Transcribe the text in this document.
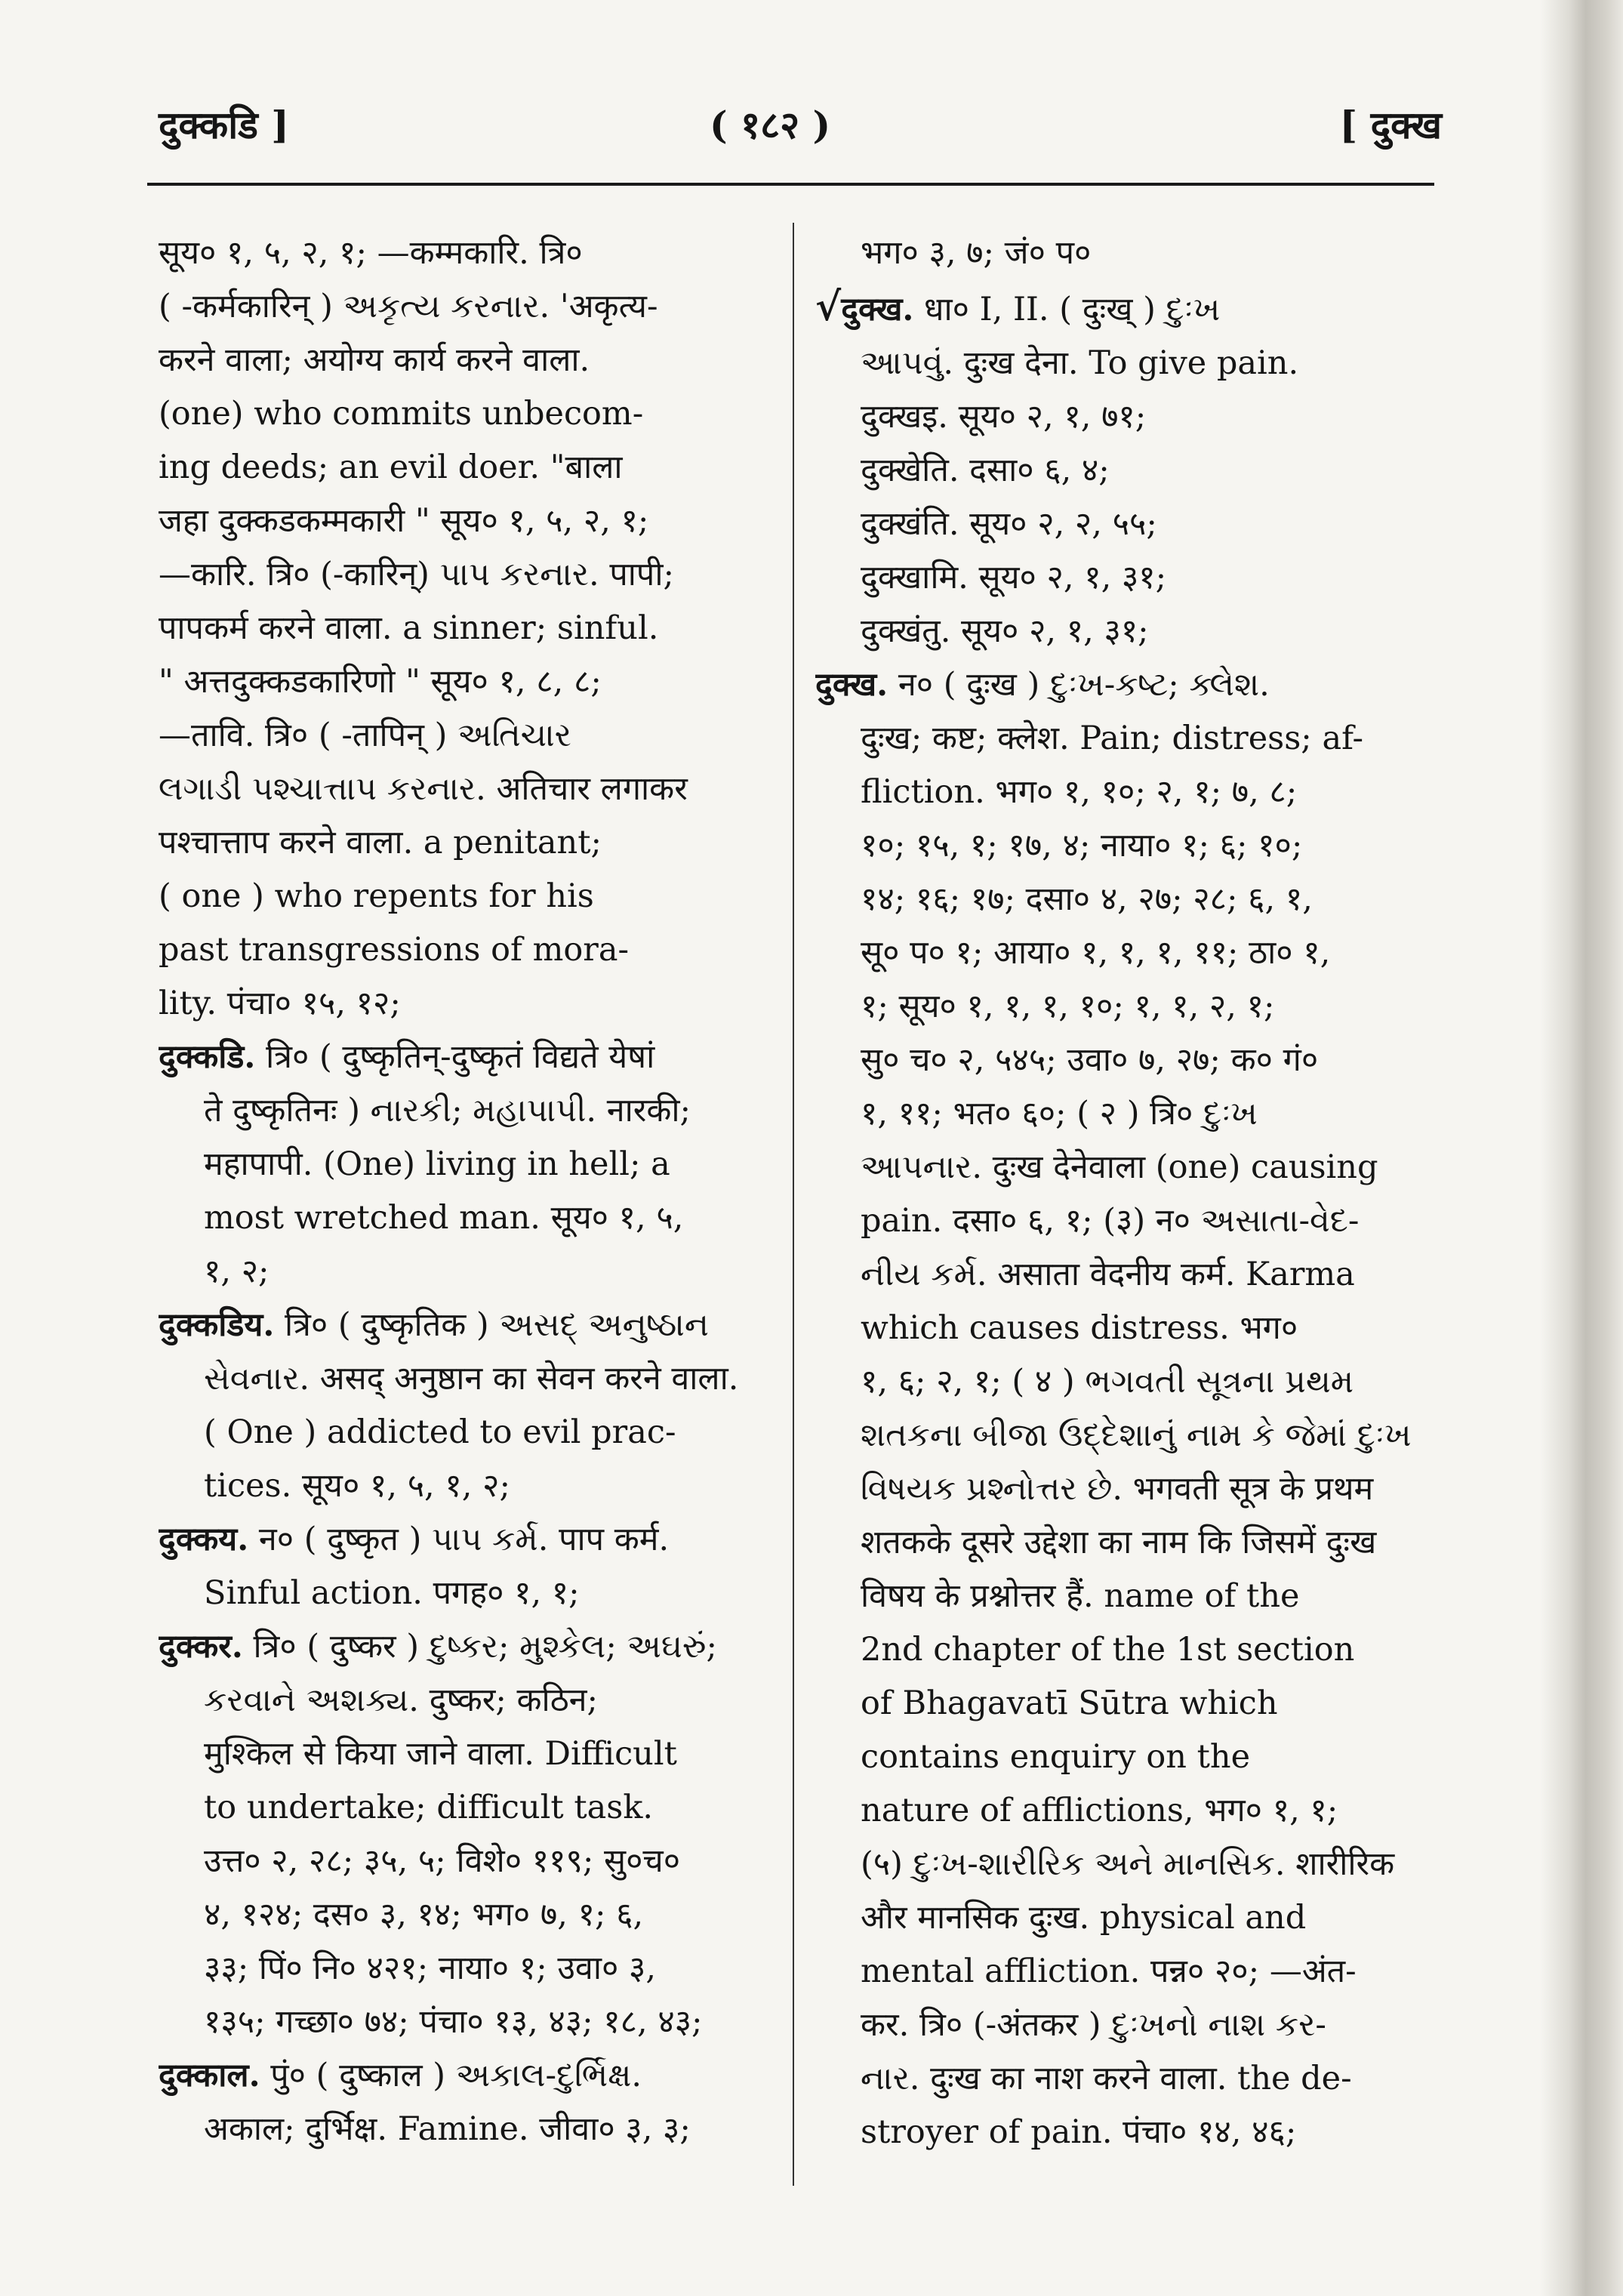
दुक्कडि ]	( १८२ )	[ दुक्ख
सूय० १, ५, २, १; —कम्मकारि. त्रि०
( -कर्मकारिन् ) અકૃત્ય કરનાર. 'अकृत्य-
करने वाला; अयोग्य कार्य करने वाला.
(one) who commits unbecom-
ing deeds; an evil doer. "बाला
जहा दुक्कडकम्मकारी " सूय० १, ५, २, १;
—कारि. त्रि० (-कारिन्) પાપ કરનાર. पापी;
पापकर्म करने वाला. a sinner; sinful.
" अत्तदुक्कडकारिणो " सूय० १, ८, ८;
—तावि. त्रि० ( -तापिन् ) અતિચાર
લગાડી પશ્ચાત્તાપ કરનાર. अतिचार लगाकर
पश्चात्ताप करने वाला. a penitant;
( one ) who repents for his
past transgressions of mora-
lity. पंचा० १५, १२;
दुक्कडि. त्रि० ( दुष्कृतिन्-दुष्कृतं विद्यते येषां
ते दुष्कृतिनः ) નારકી; મહાપાપી. नारकी;
महापापी. (One) living in hell; a
most wretched man. सूय० १, ५,
१, २;
दुक्कडिय. त्रि० ( दुष्कृतिक ) અસદ્ અનુષ્ઠાન
સેવનાર. असद् अनुष्ठान का सेवन करने वाला.
( One ) addicted to evil prac-
tices. सूय० १, ५, १, २;
दुक्कय. न० ( दुष्कृत ) પાપ કર્મ. पाप कर्म.
Sinful action. पगह० १, १;
दुक्कर. त्रि० ( दुष्कर ) દુષ્કર; મુશ્કેલ; અઘરું;
કરવાને અશક્ય. दुष्कर; कठिन;
मुश्किल से किया जाने वाला. Difficult
to undertake; difficult task.
उत्त० २, २८; ३५, ५; विशे० ११९; सु०च०
४, १२४; दस० ३, १४; भग० ७, १; ६,
३३; पिं० नि० ४२१; नाया० १; उवा० ३,
१३५; गच्छा० ७४; पंचा० १३, ४३; १८, ४३;
दुक्काल. पुं० ( दुष्काल ) અકાલ-દુર્ભિક્ષ.
अकाल; दुर्भिक्ष. Famine. जीवा० ३, ३;
भग० ३, ७; जं० प०
√दुक्ख. धा० I, II. ( दुःख् ) દુઃખ
આપવું. दुःख देना. To give pain.
दुक्खइ. सूय० २, १, ७१;
दुक्खेति. दसा० ६, ४;
दुक्खंति. सूय० २, २, ५५;
दुक्खामि. सूय० २, १, ३१;
दुक्खंतु. सूय० २, १, ३१;
दुक्ख. न० ( दुःख ) દુઃખ-કષ્ટ; ક્લેશ.
दुःख; कष्ट; क्लेश. Pain; distress; af-
fliction. भग० १, १०; २, १; ७, ८;
१०; १५, १; १७, ४; नाया० १; ६; १०;
१४; १६; १७; दसा० ४, २७; २८; ६, १,
सू० प० १; आया० १, १, १, ११; ठा० १,
१; सूय० १, १, १, १०; १, १, २, १;
सु० च० २, ५४५; उवा० ७, २७; क० गं०
१, ११; भत० ६०; ( २ ) त्रि० દુઃખ
આપનાર. दुःख देनेवाला (one) causing
pain. दसा० ६, १; (३) न० અસાતા-વેદ-
નીય કર્મ. असाता वेदनीय कर्म. Karma
which causes distress. भग०
१, ६; २, १; ( ४ ) ભગવતી સૂત્રના પ્રથમ
શતકના બીજા ઉદ્દેશાનું નામ કે જેમાં દુઃખ
વિષયક પ્રશ્નોત્તર છે. भगवती सूत्र के प्रथम
शतकके दूसरे उद्देशा का नाम कि जिसमें दुःख
विषय के प्रश्नोत्तर हैं. name of the
2nd chapter of the 1st section
of Bhagavatī Sūtra which
contains enquiry on the
nature of afflictions, भग० १, १;
(५) દુઃખ-શારીરિક અને માનસિક. शारीरिक
और मानसिक दुःख. physical and
mental affliction. पन्न० २०; —अंत-
कर. त्रि० (-अंतकर ) દુઃખનો નાશ કર-
નાર. दुःख का नाश करने वाला. the de-
stroyer of pain. पंचा० १४, ४६;
